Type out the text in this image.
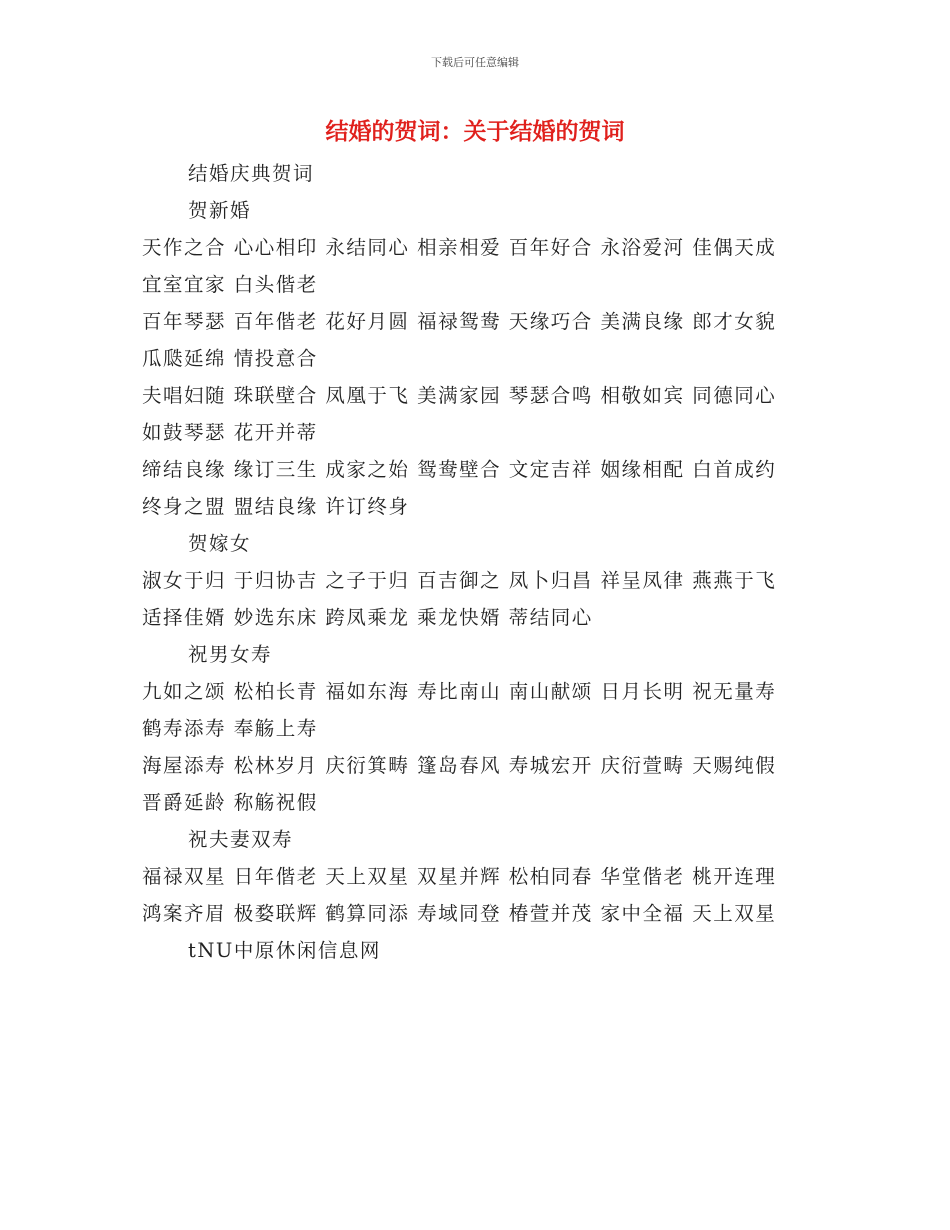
下载后可任意编辑
结婚的贺词：关于结婚的贺词

结婚庆典贺词

贺新婚

天作之合 心心相印 永结同心 相亲相爱 百年好合 永浴爱河 佳偶天成 宜室宜家 白头偕老

百年琴瑟 百年偕老 花好月圆 福禄鸳鸯 天缘巧合 美满良缘 郎才女貌 瓜瓞延绵 情投意合

夫唱妇随 珠联壁合 凤凰于飞 美满家园 琴瑟合鸣 相敬如宾 同德同心 如鼓琴瑟 花开并蒂

缔结良缘 缘订三生 成家之始 鸳鸯壁合 文定吉祥 姻缘相配 白首成约 终身之盟 盟结良缘 许订终身

贺嫁女

淑女于归 于归协吉 之子于归 百吉御之 凤卜归昌 祥呈凤律 燕燕于飞

适择佳婿 妙选东床 跨凤乘龙 乘龙快婿 蒂结同心

祝男女寿

九如之颂 松柏长青 福如东海 寿比南山 南山献颂 日月长明 祝无量寿 鹤寿添寿 奉觞上寿

海屋添寿 松林岁月 庆衍箕畴 篷岛春风 寿城宏开 庆衍萱畴 天赐纯假 晋爵延龄 称觞祝假

祝夫妻双寿

福禄双星 日年偕老 天上双星 双星并辉 松柏同春 华堂偕老 桃开连理

鸿案齐眉 极婺联辉 鹤算同添 寿域同登 椿萱并茂 家中全福 天上双星

tNU中原休闲信息网
